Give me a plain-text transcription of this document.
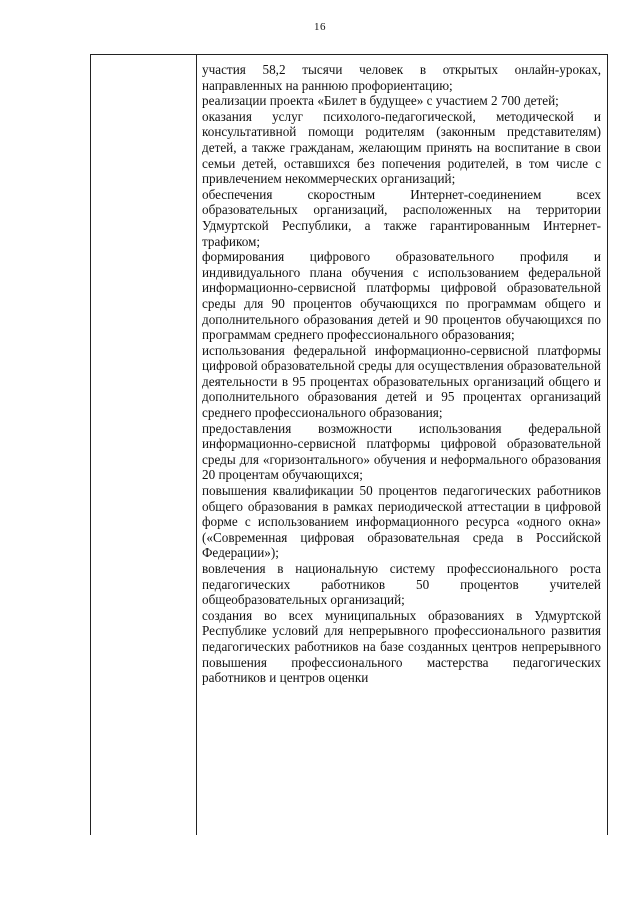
16

участия 58,2 тысячи человек в открытых онлайн-уроках, направленных на раннюю профориентацию;

реализации проекта «Билет в будущее» с участием 2 700 детей;

оказания услуг психолого-педагогической, методической и консультативной помощи родителям (законным представителям) детей, а также гражданам, желающим принять на воспитание в свои семьи детей, оставшихся без попечения родителей, в том числе с привлечением некоммерческих организаций;

обеспечения скоростным Интернет-соединением всех образовательных организаций, расположенных на территории Удмуртской Республики, а также гарантированным Интернет-трафиком;

формирования цифрового образовательного профиля и индивидуального плана обучения с использованием федеральной информационно-сервисной платформы цифровой образовательной среды для 90 процентов обучающихся по программам общего и дополнительного образования детей и 90 процентов обучающихся по программам среднего профессионального образования;

использования федеральной информационно-сервисной платформы цифровой образовательной среды для осуществления образовательной деятельности в 95 процентах образовательных организаций общего и дополнительного образования детей и 95 процентах организаций среднего профессионального образования;

предоставления возможности использования федеральной информационно-сервисной платформы цифровой образовательной среды для «горизонтального» обучения и неформального образования 20 процентам обучающихся;

повышения квалификации 50 процентов педагогических работников общего образования в рамках периодической аттестации в цифровой форме с использованием информационного ресурса «одного окна» («Современная цифровая образовательная среда в Российской Федерации»);

вовлечения в национальную систему профессионального роста педагогических работников 50 процентов учителей общеобразовательных организаций;

создания во всех муниципальных образованиях в Удмуртской Республике условий для непрерывного профессионального развития педагогических работников на базе созданных центров непрерывного повышения профессионального мастерства педагогических работников и центров оценки
